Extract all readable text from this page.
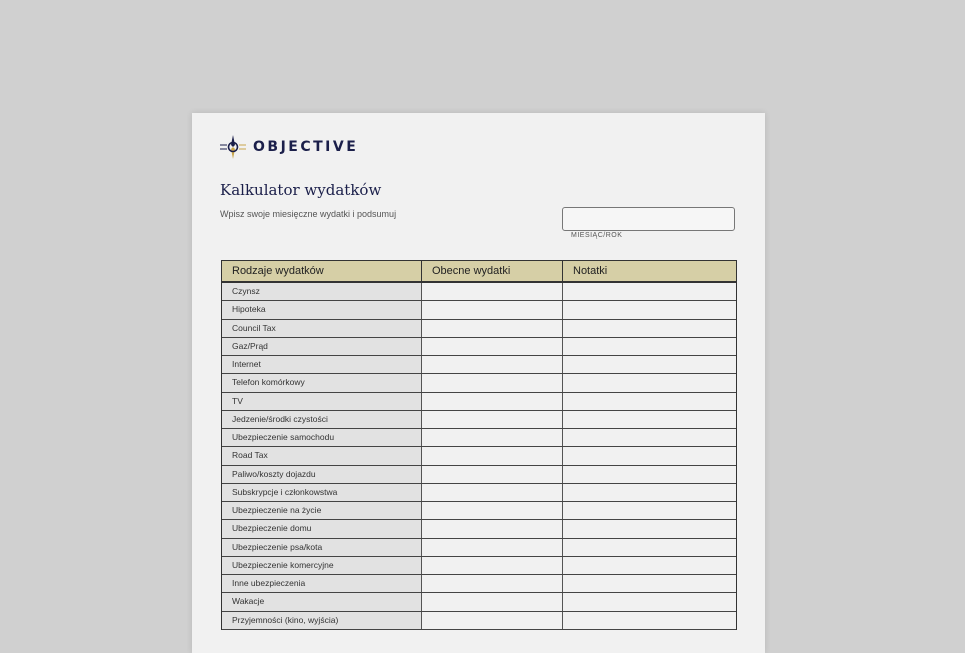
OBJECTIVE
Kalkulator wydatków
Wpisz swoje miesięczne wydatki i podsumuj
MIESIĄC/ROK
Rodzaje wydatków	Obecne wydatki	Notatki
Czynsz
Hipoteka
Council Tax
Gaz/Prąd
Internet
Telefon komórkowy
TV
Jedzenie/środki czystości
Ubezpieczenie samochodu
Road Tax
Paliwo/koszty dojazdu
Subskrypcje i członkowstwa
Ubezpieczenie na życie
Ubezpieczenie domu
Ubezpieczenie psa/kota
Ubezpieczenie komercyjne
Inne ubezpieczenia
Wakacje
Przyjemności (kino, wyjścia)
